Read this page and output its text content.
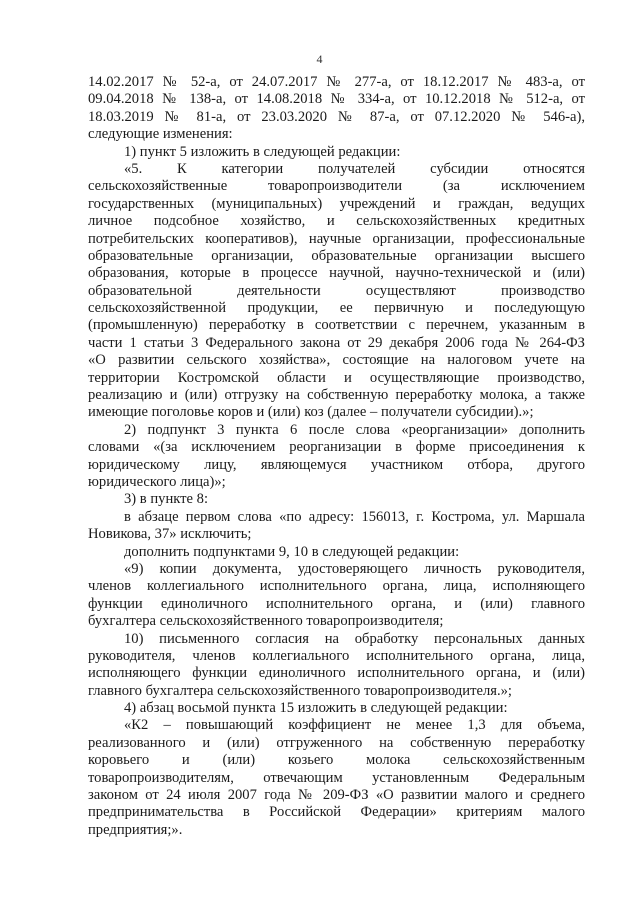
4
14.02.2017 № 52-а, от 24.07.2017 № 277-а, от 18.12.2017 № 483-а, от
09.04.2018 № 138-а, от 14.08.2018 № 334-а, от 10.12.2018 № 512-а, от
18.03.2019 № 81-а, от 23.03.2020 № 87-а, от 07.12.2020 № 546-а),
следующие изменения:
1) пункт 5 изложить в следующей редакции:
«5. К категории получателей субсидии относятся
сельскохозяйственные товаропроизводители (за исключением
государственных (муниципальных) учреждений и граждан, ведущих
личное подсобное хозяйство, и сельскохозяйственных кредитных
потребительских кооперативов), научные организации, профессиональные
образовательные организации, образовательные организации высшего
образования, которые в процессе научной, научно-технической и (или)
образовательной деятельности осуществляют производство
сельскохозяйственной продукции, ее первичную и последующую
(промышленную) переработку в соответствии с перечнем, указанным в
части 1 статьи 3 Федерального закона от 29 декабря 2006 года № 264-ФЗ
«О развитии сельского хозяйства», состоящие на налоговом учете на
территории Костромской области и осуществляющие производство,
реализацию и (или) отгрузку на собственную переработку молока, а также
имеющие поголовье коров и (или) коз (далее – получатели субсидии).»;
2) подпункт 3 пункта 6 после слова «реорганизации» дополнить
словами «(за исключением реорганизации в форме присоединения к
юридическому лицу, являющемуся участником отбора, другого
юридического лица)»;
3) в пункте 8:
в абзаце первом слова «по адресу: 156013, г. Кострома, ул. Маршала
Новикова, 37» исключить;
дополнить подпунктами 9, 10 в следующей редакции:
«9) копии документа, удостоверяющего личность руководителя,
членов коллегиального исполнительного органа, лица, исполняющего
функции единоличного исполнительного органа, и (или) главного
бухгалтера сельскохозяйственного товаропроизводителя;
10) письменного согласия на обработку персональных данных
руководителя, членов коллегиального исполнительного органа, лица,
исполняющего функции единоличного исполнительного органа, и (или)
главного бухгалтера сельскохозяйственного товаропроизводителя.»;
4) абзац восьмой пункта 15 изложить в следующей редакции:
«К2 – повышающий коэффициент не менее 1,3 для объема,
реализованного и (или) отгруженного на собственную переработку
коровьего и (или) козьего молока сельскохозяйственным
товаропроизводителям, отвечающим установленным Федеральным
законом от 24 июля 2007 года № 209-ФЗ «О развитии малого и среднего
предпринимательства в Российской Федерации» критериям малого
предприятия;».
